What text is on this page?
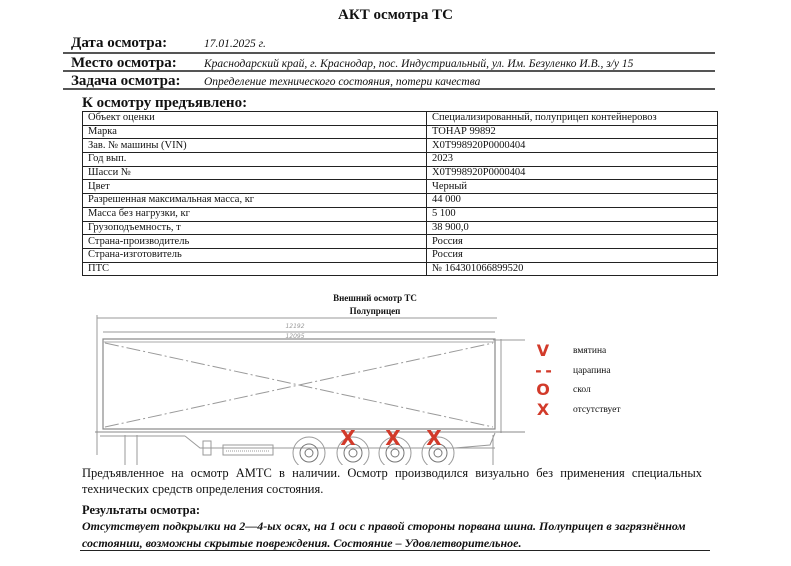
АКТ осмотра ТС
Дата осмотра:	17.01.2025 г.
Место осмотра: Краснодарский край, г. Краснодар, пос. Индустриальный, ул. Им. Безуленко И.В., з/у 15
Задача осмотра: Определение технического состояния, потери качества
К осмотру предъявлено:
Объект оценки	Специализированный, полуприцеп контейнеровоз
Марка	ТОНАР 99892
Зав. № машины (VIN)	X0T998920P0000404
Год вып.	2023
Шасси №	X0T998920P0000404
Цвет	Черный
Разрешенная максимальная масса, кг	44 000
Масса без нагрузки, кг	5 100
Грузоподъемность, т	38 900,0
Страна-производитель	Россия
Страна-изготовитель	Россия
ПТС	№ 164301066899520
Внешний осмотр ТС
Полуприцеп
12192
12095
X X X
V	вмятина
- - царапина
O	скол
X	отсутствует
Предъявленное на осмотр АМТС в наличии. Осмотр производился визуально без применения специальных технических средств определения состояния.
Результаты осмотра:
Отсутствует подкрылки на 2—4-ых осях, на 1 оси с правой стороны порвана шина. Полуприцеп в загрязнённом состоянии, возможны скрытые повреждения. Состояние – Удовлетворительное.
